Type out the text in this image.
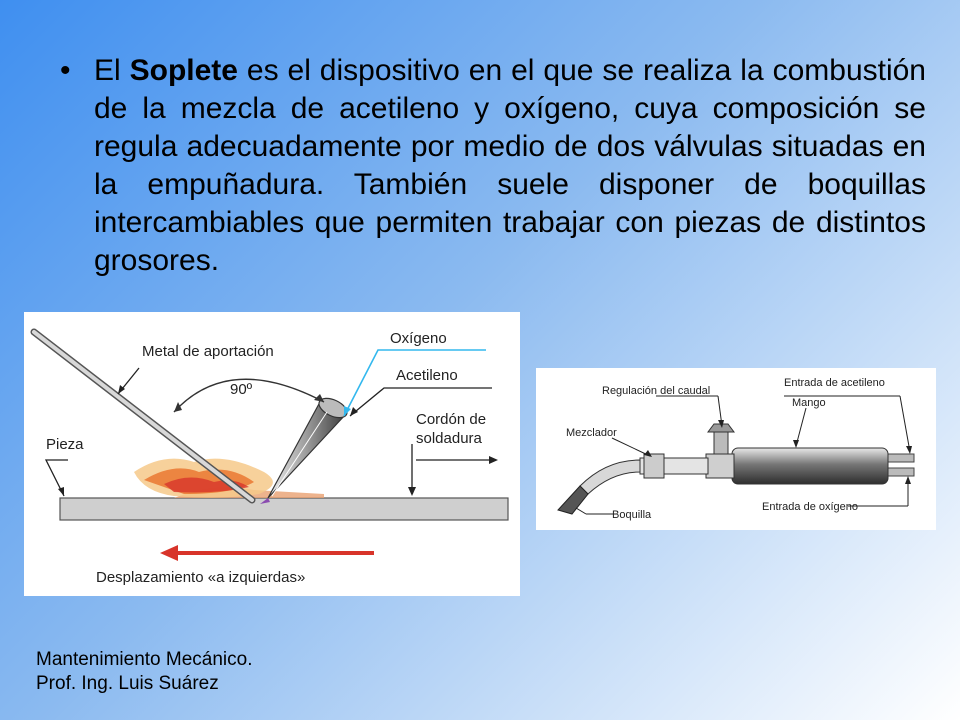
• El Soplete es el dispositivo en el que se realiza la combustión de la mezcla de acetileno y oxígeno, cuya composición se regula adecuadamente por medio de dos válvulas situadas en la empuñadura. También suele disponer de boquillas intercambiables que permiten trabajar con piezas de distintos grosores.
Metal de aportación
Oxígeno
Acetileno
90º
Cordón de
soldadura
Pieza
Desplazamiento «a izquierdas»
Regulación del caudal
Entrada de acetileno
Mango
Mezclador
Boquilla
Entrada de oxígeno
Mantenimiento Mecánico.
Prof. Ing. Luis Suárez
